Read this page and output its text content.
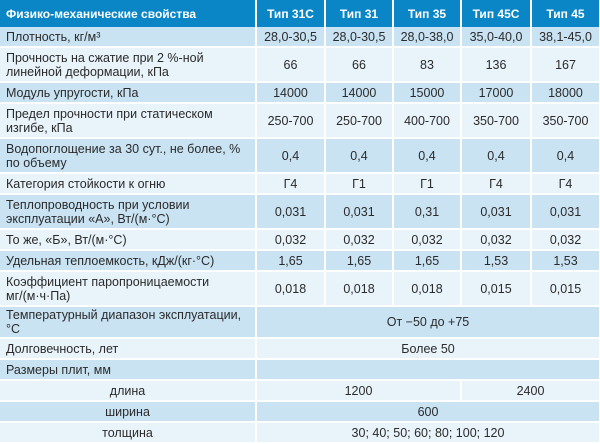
Физико-механические свойства	Тип 31С	Тип 31	Тип 35	Тип 45С	Тип 45
Плотность, кг/м³	28,0-30,5	28,0-30,5	28,0-38,0	35,0-40,0	38,1-45,0
Прочность на сжатие при 2 %-ной линейной деформации, кПа	66	66	83	136	167
Модуль упругости, кПа	14000	14000	15000	17000	18000
Предел прочности при статическом изгибе, кПа	250-700	250-700	400-700	350-700	350-700
Водопоглощение за 30 сут., не более, % по объему	0,4	0,4	0,4	0,4	0,4
Категория стойкости к огню	Г4	Г1	Г1	Г4	Г4
Теплопроводность при условии эксплуатации «А», Вт/(м·°С)	0,031	0,031	0,31	0,031	0,031
То же, «Б», Вт/(м·°С)	0,032	0,032	0,032	0,032	0,032
Удельная теплоемкость, кДж/(кг·°С)	1,65	1,65	1,65	1,53	1,53
Коэффициент паропроницаемости мг/(м·ч·Па)	0,018	0,018	0,018	0,015	0,015
Температурный диапазон эксплуатации, °С	От −50 до +75				
Долговечность, лет	Более 50				
Размеры плит, мм					
длина	1200			2400	
ширина	600				
толщина	30; 40; 50; 60; 80; 100; 120				
